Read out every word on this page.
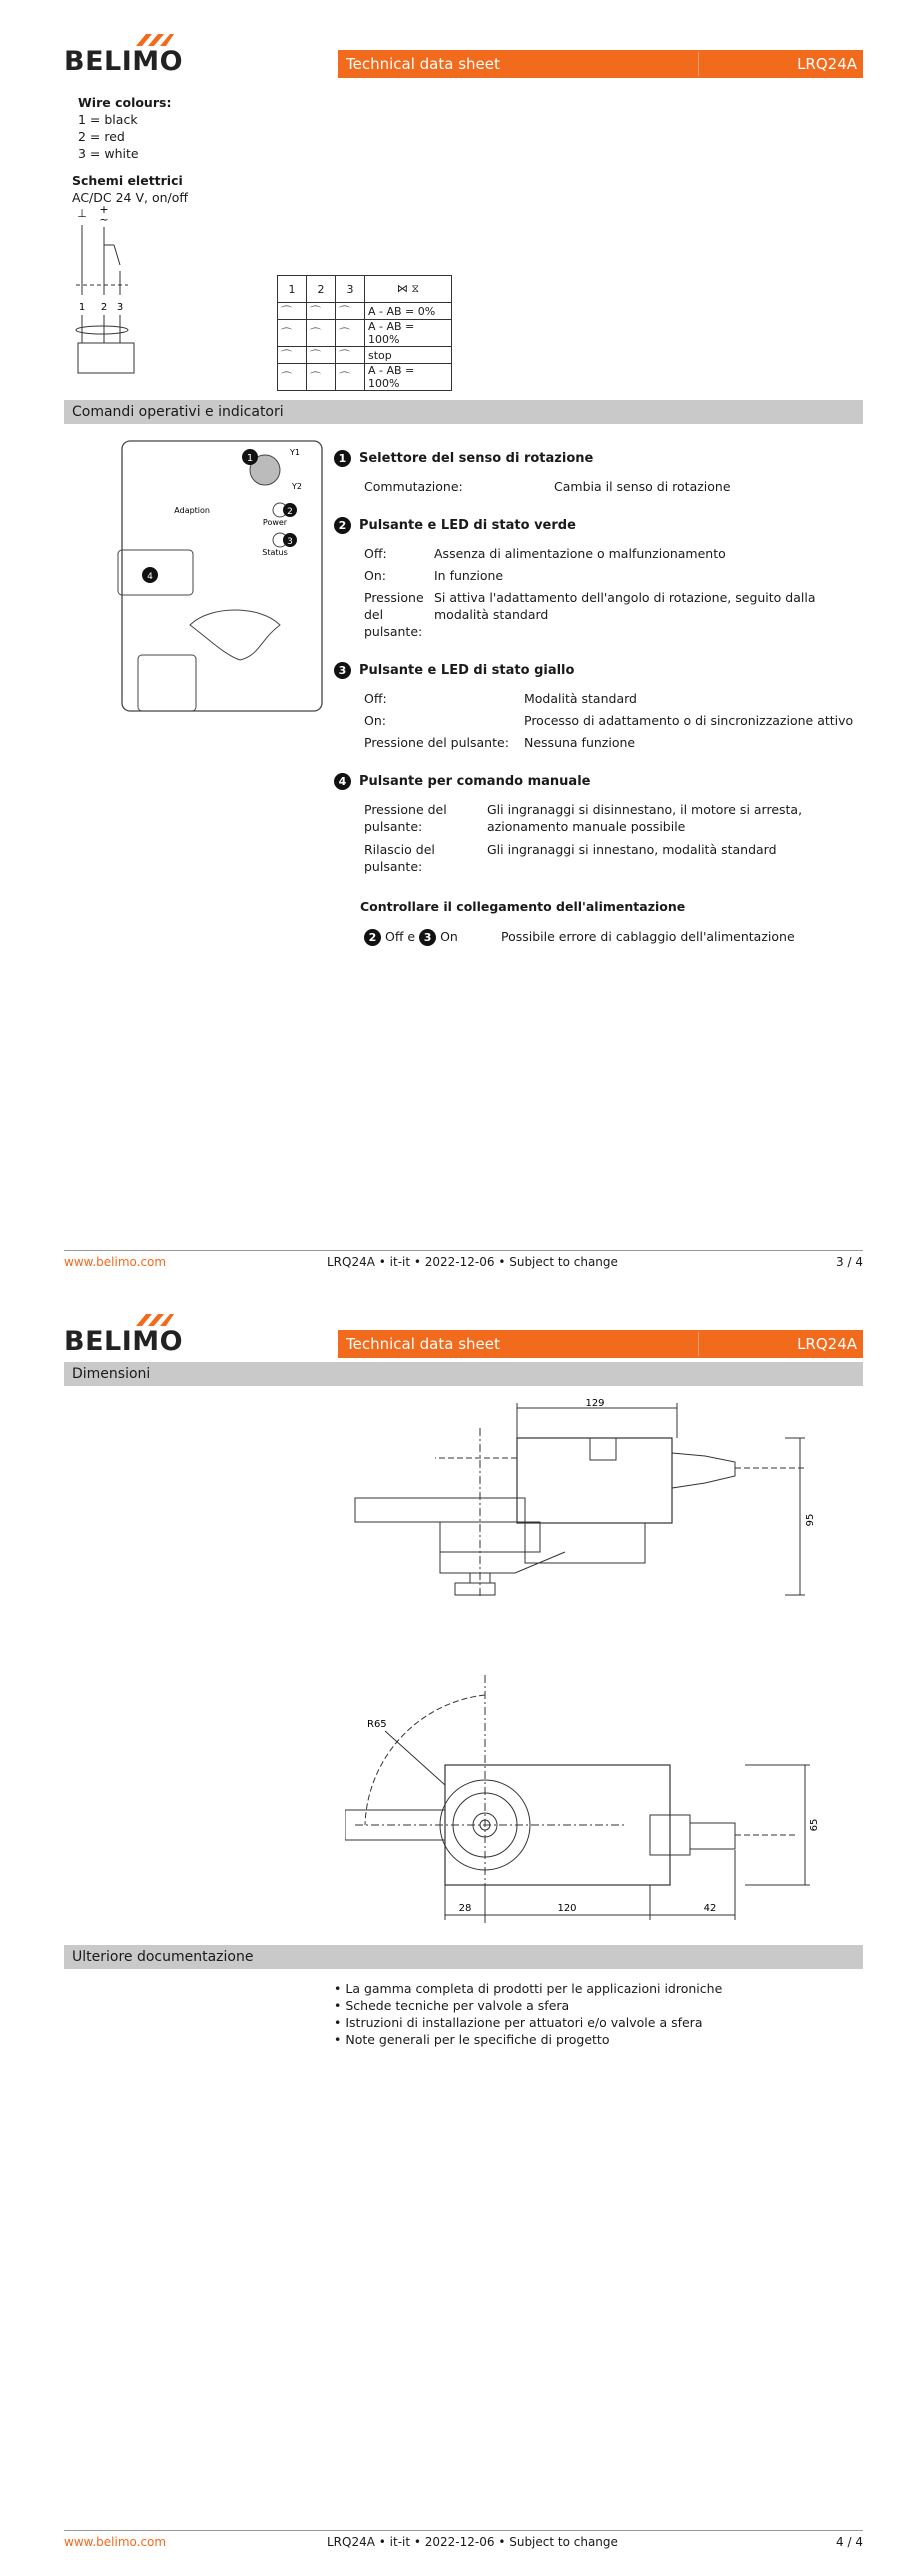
BELIMO	Technical data sheet	LRQ24A
Wire colours:
1 = black
2 = red
3 = white
Schemi elettrici
AC/DC 24 V, on/off
⊥ +
~
1 2 3
1	2	3	⋈ ⧖
⌒	⌒	⌒	A - AB = 0%
⌒	⌒	⌒	A - AB = 100%
⌒	⌒	⌒	stop
⌒	⌒	⌒	A - AB = 100%
Comandi operativi e indicatori
1
Y1
Y2
Adaption	2
Power
3
Status
4
1 Selettore del senso di rotazione
Commutazione:	Cambia il senso di rotazione
2 Pulsante e LED di stato verde
Off:	Assenza di alimentazione o malfunzionamento
On:	In funzione
Pressione del pulsante:
Si attiva l'adattamento dell'angolo di rotazione, seguito dalla modalità standard
3 Pulsante e LED di stato giallo
Off:	Modalità standard
On:	Processo di adattamento o di sincronizzazione attivo
Pressione del pulsante: Nessuna funzione
4 Pulsante per comando manuale
Pressione del pulsante:
Gli ingranaggi si disinnestano, il motore si arresta, azionamento manuale possibile
Rilascio del pulsante:
Gli ingranaggi si innestano, modalità standard
Controllare il collegamento dell'alimentazione
2 Off e 3 On	Possibile errore di cablaggio dell'alimentazione
www.belimo.com	LRQ24A • it-it • 2022-12-06 • Subject to change	3 / 4
BELIMO	Technical data sheet	LRQ24A
Dimensioni
129
95
R65
65
28	120	42
Ulteriore documentazione
• La gamma completa di prodotti per le applicazioni idroniche
• Schede tecniche per valvole a sfera
• Istruzioni di installazione per attuatori e/o valvole a sfera
• Note generali per le specifiche di progetto
www.belimo.com	LRQ24A • it-it • 2022-12-06 • Subject to change	4 / 4
